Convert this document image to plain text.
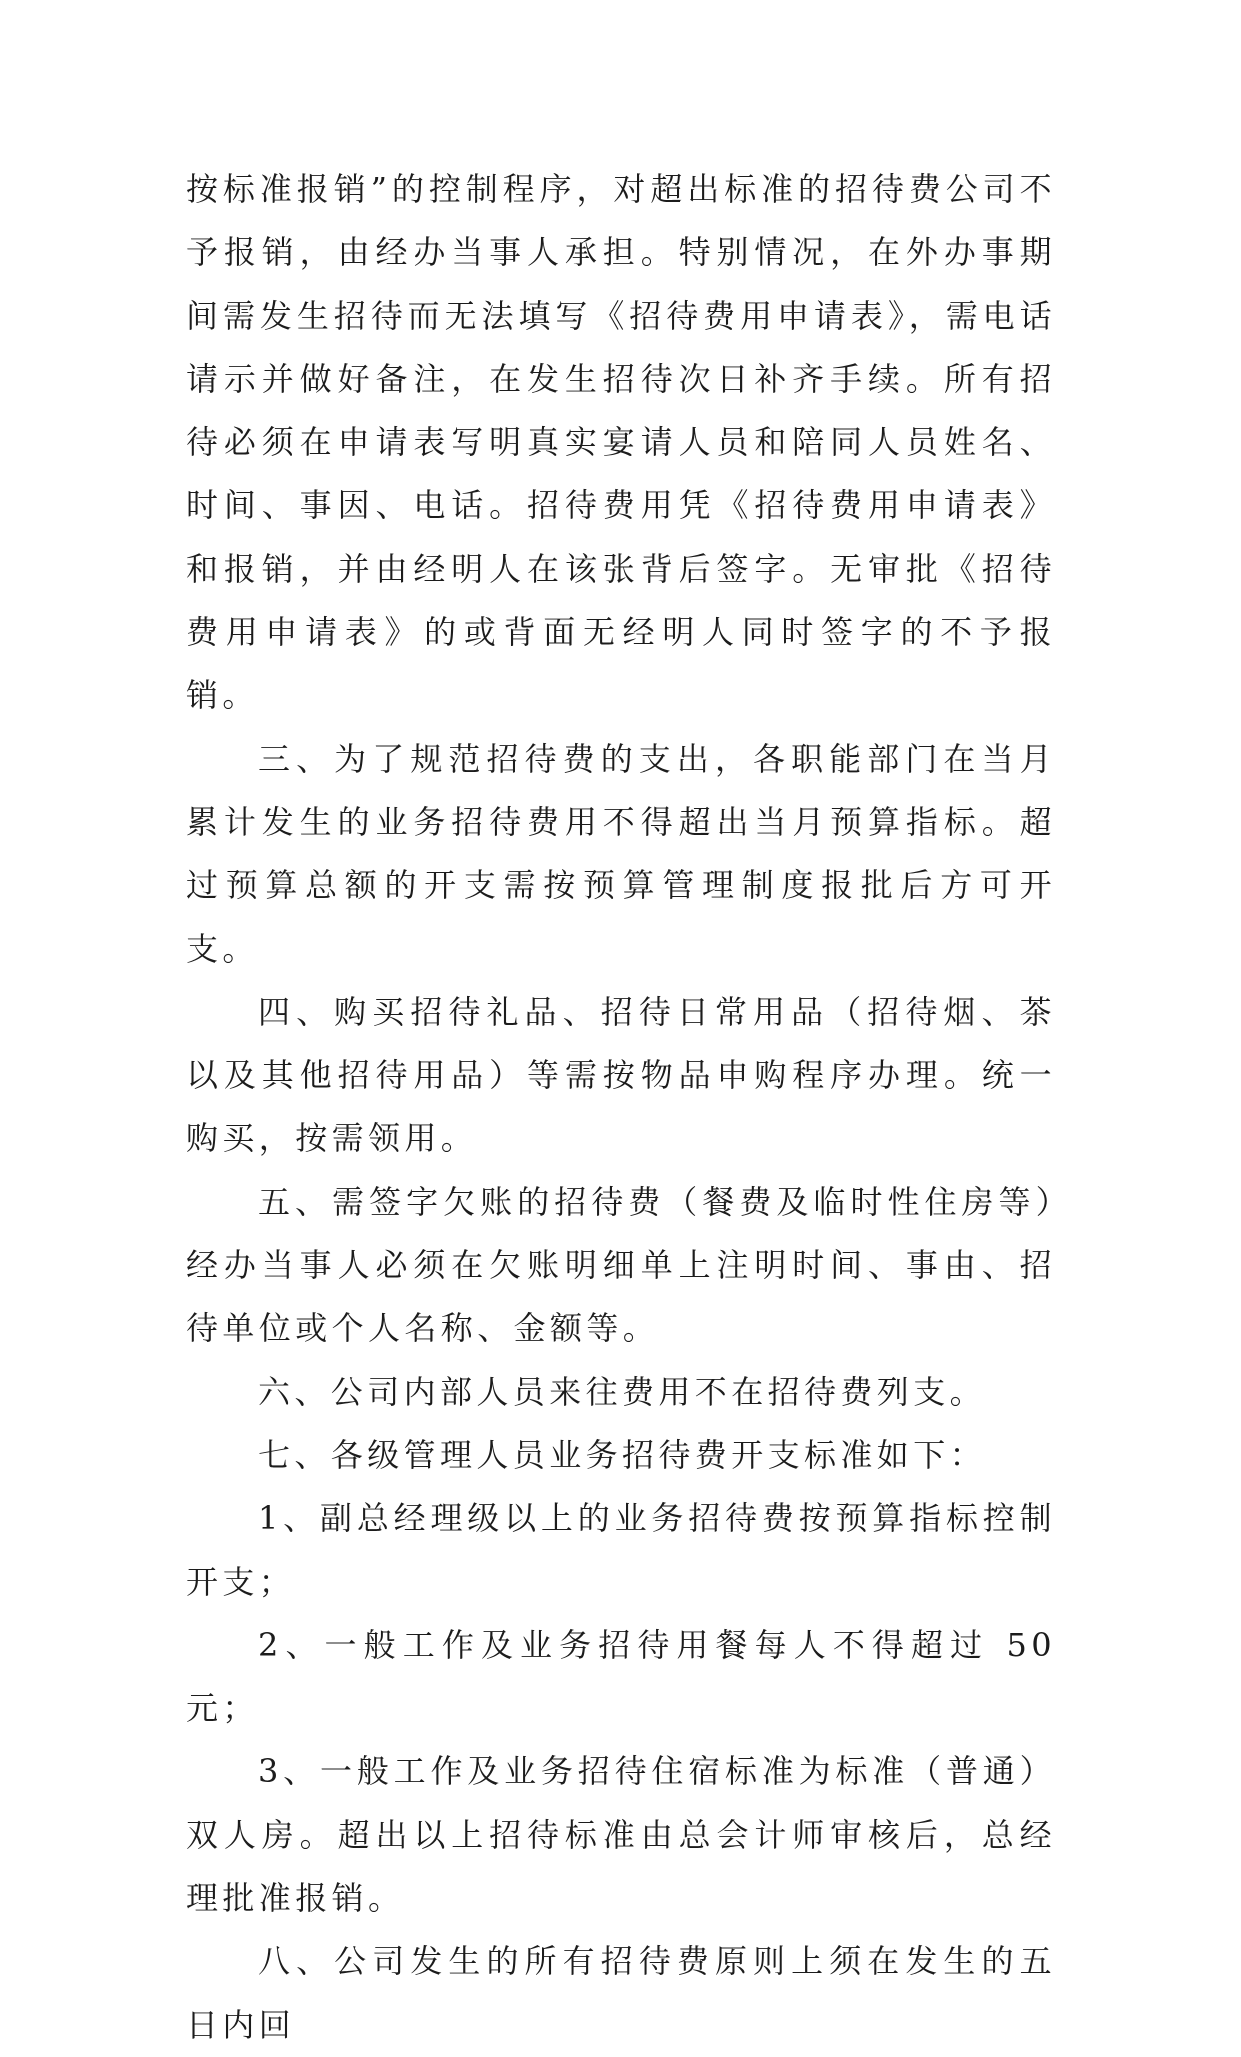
按标准报销”的控制程序，对超出标准的招待费公司不予报销，由经办当事人承担。特别情况，在外办事期间需发生招待而无法填写《招待费用申请表》，需电话请示并做好备注，在发生招待次日补齐手续。所有招待必须在申请表写明真实宴请人员和陪同人员姓名、时间、事因、电话。招待费用凭《招待费用申请表》和报销，并由经明人在该张背后签字。无审批《招待费用申请表》的或背面无经明人同时签字的不予报销。

三、为了规范招待费的支出，各职能部门在当月累计发生的业务招待费用不得超出当月预算指标。超过预算总额的开支需按预算管理制度报批后方可开支。

四、购买招待礼品、招待日常用品（招待烟、茶以及其他招待用品）等需按物品申购程序办理。统一购买，按需领用。

五、需签字欠账的招待费（餐费及临时性住房等）经办当事人必须在欠账明细单上注明时间、事由、招待单位或个人名称、金额等。

六、公司内部人员来往费用不在招待费列支。

七、各级管理人员业务招待费开支标准如下：

1、副总经理级以上的业务招待费按预算指标控制开支；

2、一般工作及业务招待用餐每人不得超过 50 元；

3、一般工作及业务招待住宿标准为标准（普通）双人房。超出以上招待标准由总会计师审核后，总经理批准报销。

八、公司发生的所有招待费原则上须在发生的五日内回
